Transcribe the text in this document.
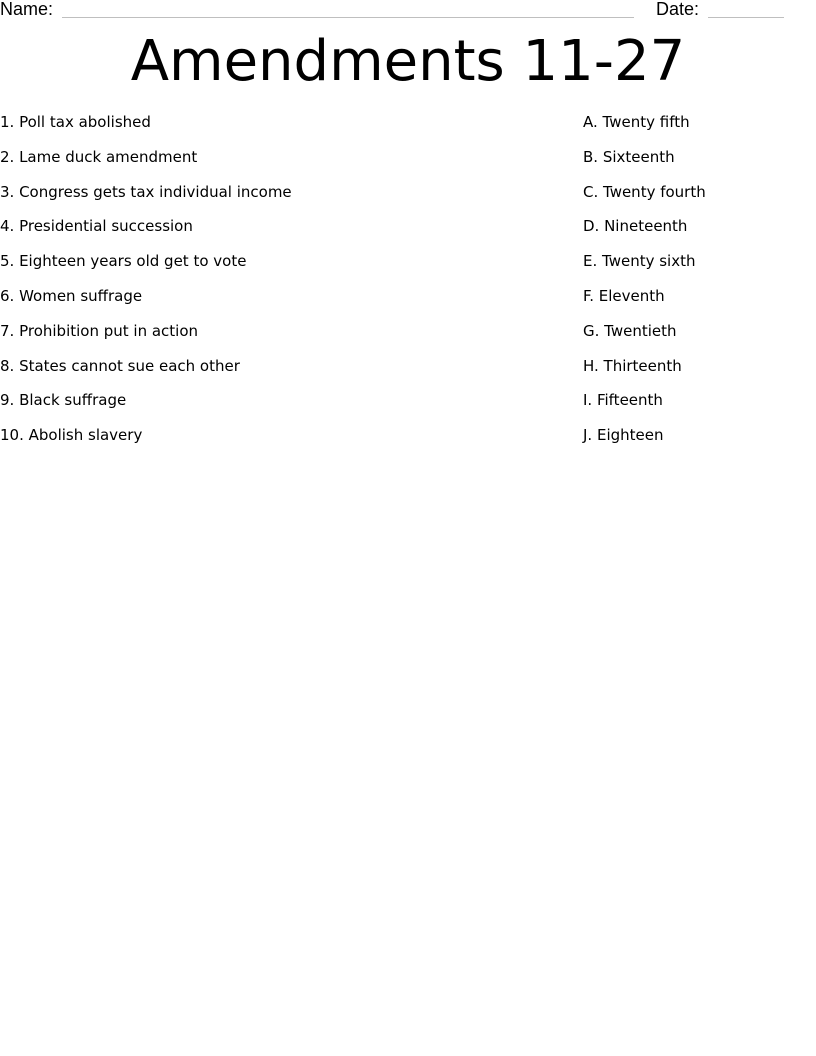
Name:	Date:
Amendments 11-27
1. Poll tax abolished
2. Lame duck amendment
3. Congress gets tax individual income
4. Presidential succession
5. Eighteen years old get to vote
6. Women suffrage
7. Prohibition put in action
8. States cannot sue each other
9. Black suffrage
10. Abolish slavery
A. Twenty fifth
B. Sixteenth
C. Twenty fourth
D. Nineteenth
E. Twenty sixth
F. Eleventh
G. Twentieth
H. Thirteenth
I. Fifteenth
J. Eighteen
